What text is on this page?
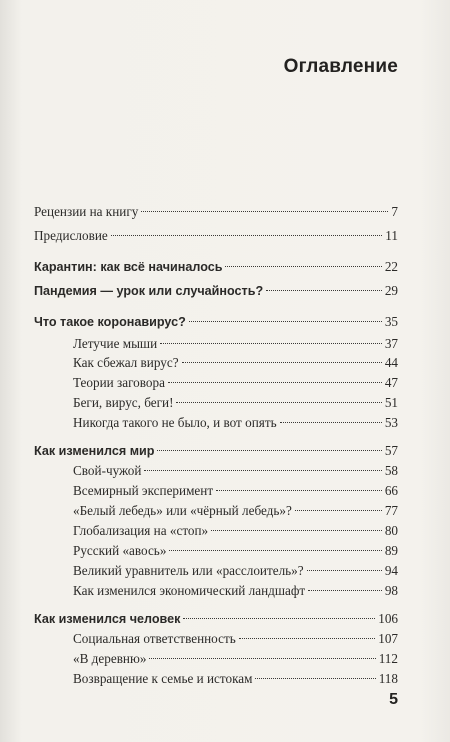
Оглавление
Рецензии на книгу	7
Предисловие	11
Карантин: как всё начиналось	22
Пандемия — урок или случайность?	29
Что такое коронавирус?	35
Летучие мыши	37
Как сбежал вирус?	44
Теории заговора	47
Беги, вирус, беги!	51
Никогда такого не было, и вот опять	53
Как изменился мир	57
Свой-чужой	58
Всемирный эксперимент	66
«Белый лебедь» или «чёрный лебедь»?	77
Глобализация на «стоп»	80
Русский «авось»	89
Великий уравнитель или «расслоитель»?	94
Как изменился экономический ландшафт	98
Как изменился человек	106
Социальная ответственность	107
«В деревню»	112
Возвращение к семье и истокам	118
5
